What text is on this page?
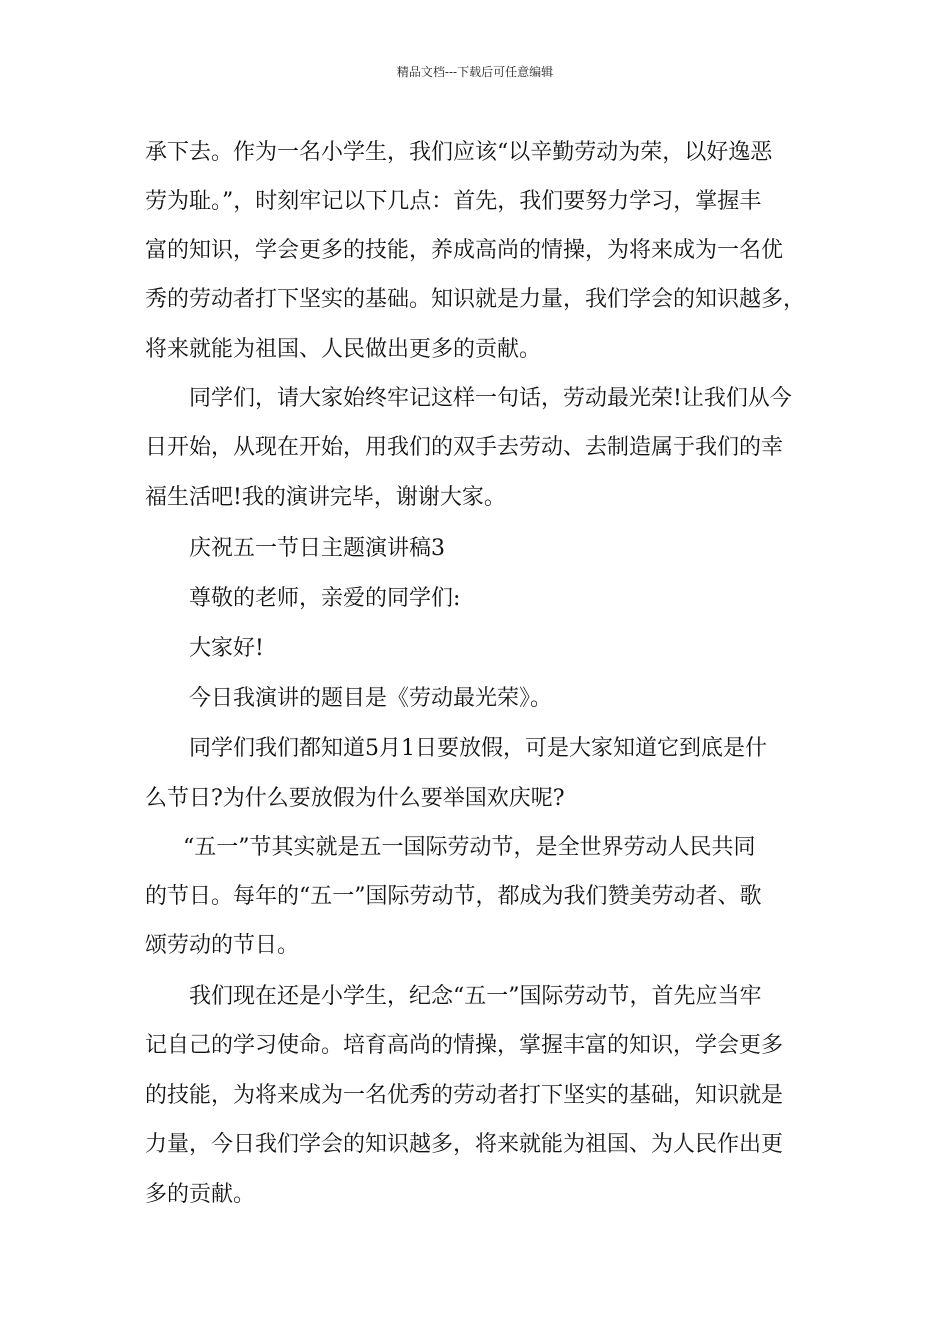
精品文档---下载后可任意编辑
承下去。作为一名小学生，我们应该“以辛勤劳动为荣，以好逸恶
劳为耻。”，时刻牢记以下几点：首先，我们要努力学习，掌握丰
富的知识，学会更多的技能，养成高尚的情操，为将来成为一名优
秀的劳动者打下坚实的基础。知识就是力量，我们学会的知识越多，
将来就能为祖国、人民做出更多的贡献。
同学们，请大家始终牢记这样一句话，劳动最光荣!让我们从今
日开始，从现在开始，用我们的双手去劳动、去制造属于我们的幸
福生活吧!我的演讲完毕，谢谢大家。
庆祝五一节日主题演讲稿3
尊敬的老师，亲爱的同学们:
大家好!
今日我演讲的题目是《劳动最光荣》。
同学们我们都知道5月1日要放假，可是大家知道它到底是什
么节日?为什么要放假为什么要举国欢庆呢?
“五一”节其实就是五一国际劳动节，是全世界劳动人民共同
的节日。每年的“五一”国际劳动节，都成为我们赞美劳动者、歌
颂劳动的节日。
我们现在还是小学生，纪念“五一”国际劳动节，首先应当牢
记自己的学习使命。培育高尚的情操，掌握丰富的知识，学会更多
的技能，为将来成为一名优秀的劳动者打下坚实的基础，知识就是
力量，今日我们学会的知识越多，将来就能为祖国、为人民作出更
多的贡献。
